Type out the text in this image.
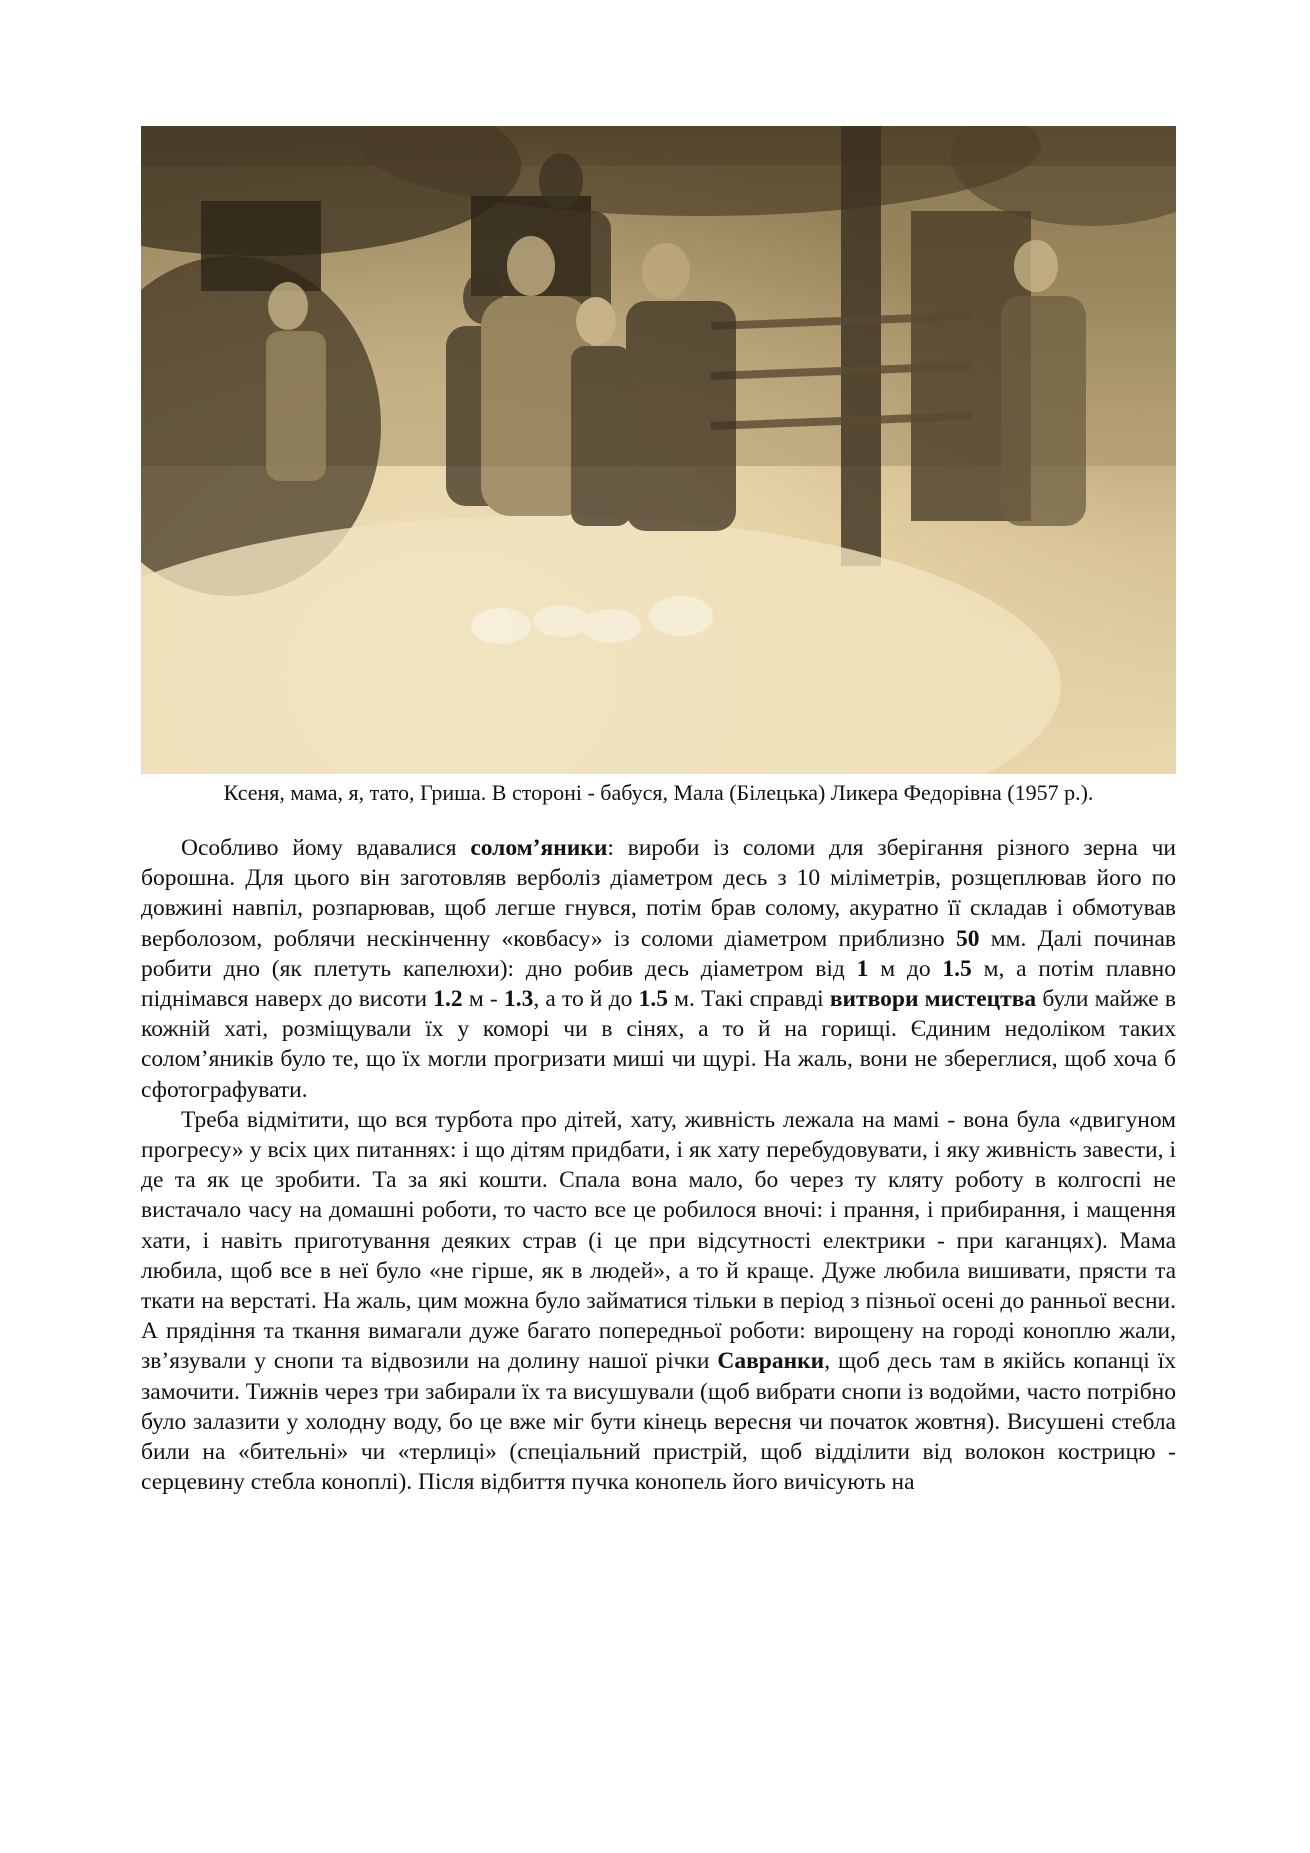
Ксеня, мама, я, тато, Гриша. В стороні - бабуся, Мала (Білецька) Ликера Федорівна (1957 р.).

Особливо йому вдавалися солом’яники: вироби із соломи для зберігання різного зерна чи борошна. Для цього він заготовляв верболіз діаметром десь з 10 міліметрів, розщеплював його по довжині навпіл, розпарював, щоб легше гнувся, потім брав солому, акуратно її складав і обмотував верболозом, роблячи нескінченну «ковбасу» із соломи діаметром приблизно 50 мм. Далі починав робити дно (як плетуть капелюхи): дно робив десь діаметром від 1 м до 1.5 м, а потім плавно піднімався наверх до висоти 1.2 м - 1.3, а то й до 1.5 м. Такі справді витвори мистецтва були майже в кожній хаті, розміщували їх у коморі чи в сінях, а то й на горищі. Єдиним недоліком таких солом’яників було те, що їх могли прогризати миші чи щурі. На жаль, вони не збереглися, щоб хоча б сфотографувати.

Треба відмітити, що вся турбота про дітей, хату, живність лежала на мамі - вона була «двигуном прогресу» у всіх цих питаннях: і що дітям придбати, і як хату перебудовувати, і яку живність завести, і де та як це зробити. Та за які кошти. Спала вона мало, бо через ту кляту роботу в колгоспі не вистачало часу на домашні роботи, то часто все це робилося вночі: і прання, і прибирання, і мащення хати, і навіть приготування деяких страв (і це при відсутності електрики - при каганцях). Мама любила, щоб все в неї було «не гірше, як в людей», а то й краще. Дуже любила вишивати, прясти та ткати на верстаті. На жаль, цим можна було займатися тільки в період з пізньої осені до ранньої весни. А прядіння та ткання вимагали дуже багато попередньої роботи: вирощену на городі коноплю жали, зв’язували у снопи та відвозили на долину нашої річки Савранки, щоб десь там в якійсь копанці їх замочити. Тижнів через три забирали їх та висушували (щоб вибрати снопи із водойми, часто потрібно було залазити у холодну воду, бо це вже міг бути кінець вересня чи початок жовтня). Висушені стебла били на «бительні» чи «терлиці» (спеціальний пристрій, щоб відділити від волокон кострицю - серцевину стебла коноплі). Після відбиття пучка конопель його вичісують на
